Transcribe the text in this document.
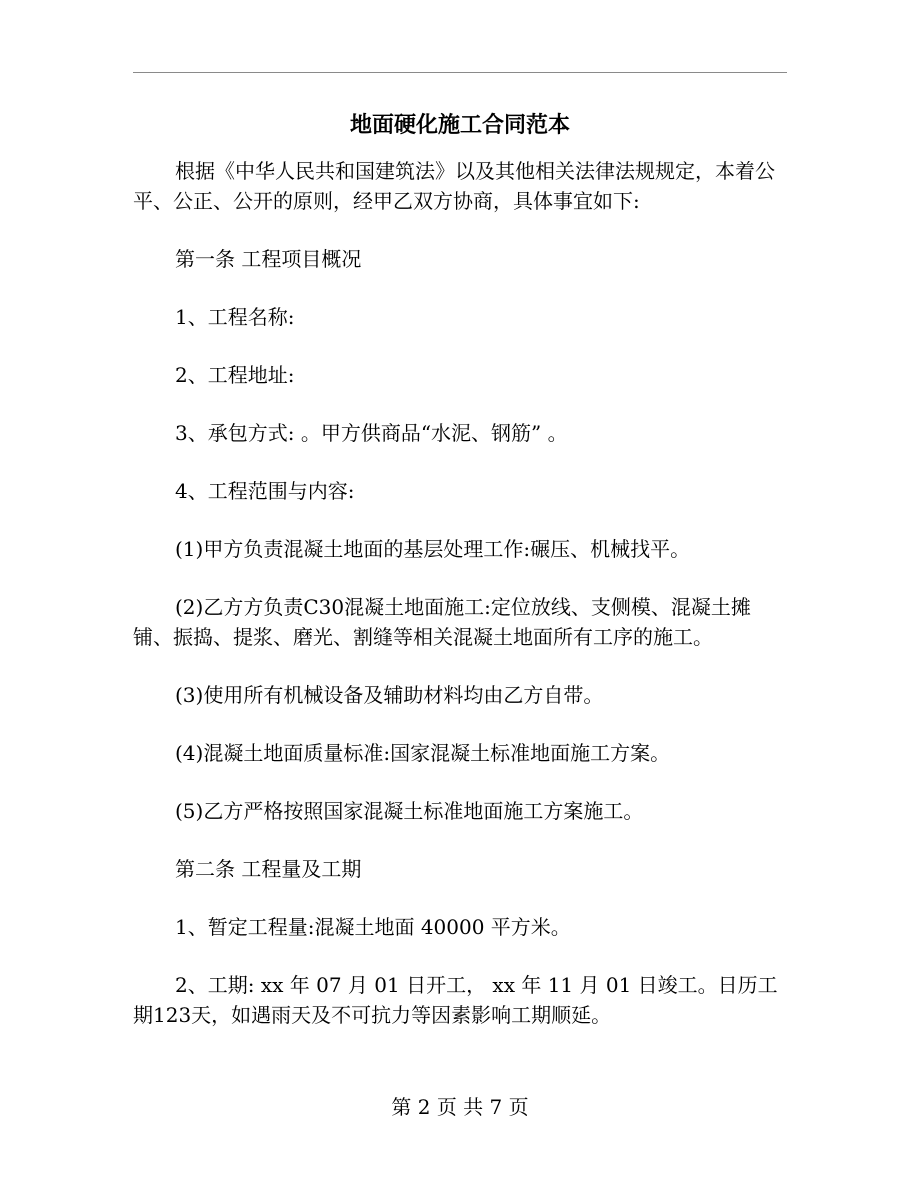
地面硬化施工合同范本

根据《中华人民共和国建筑法》以及其他相关法律法规规定，本着公平、公正、公开的原则，经甲乙双方协商，具体事宜如下:

第一条 工程项目概况

1、工程名称:

2、工程地址:

3、承包方式: 。甲方供商品“水泥、钢筋” 。

4、工程范围与内容:

(1)甲方负责混凝土地面的基层处理工作:碾压、机械找平。

(2)乙方方负责C30混凝土地面施工:定位放线、支侧模、混凝土摊铺、振捣、提浆、磨光、割缝等相关混凝土地面所有工序的施工。

(3)使用所有机械设备及辅助材料均由乙方自带。

(4)混凝土地面质量标准:国家混凝土标准地面施工方案。

(5)乙方严格按照国家混凝土标准地面施工方案施工。

第二条 工程量及工期

1、暂定工程量:混凝土地面 40000 平方米。

2、工期: xx 年 07 月 01 日开工， xx 年 11 月 01 日竣工。日历工期123天，如遇雨天及不可抗力等因素影响工期顺延。

第 2 页 共 7 页
